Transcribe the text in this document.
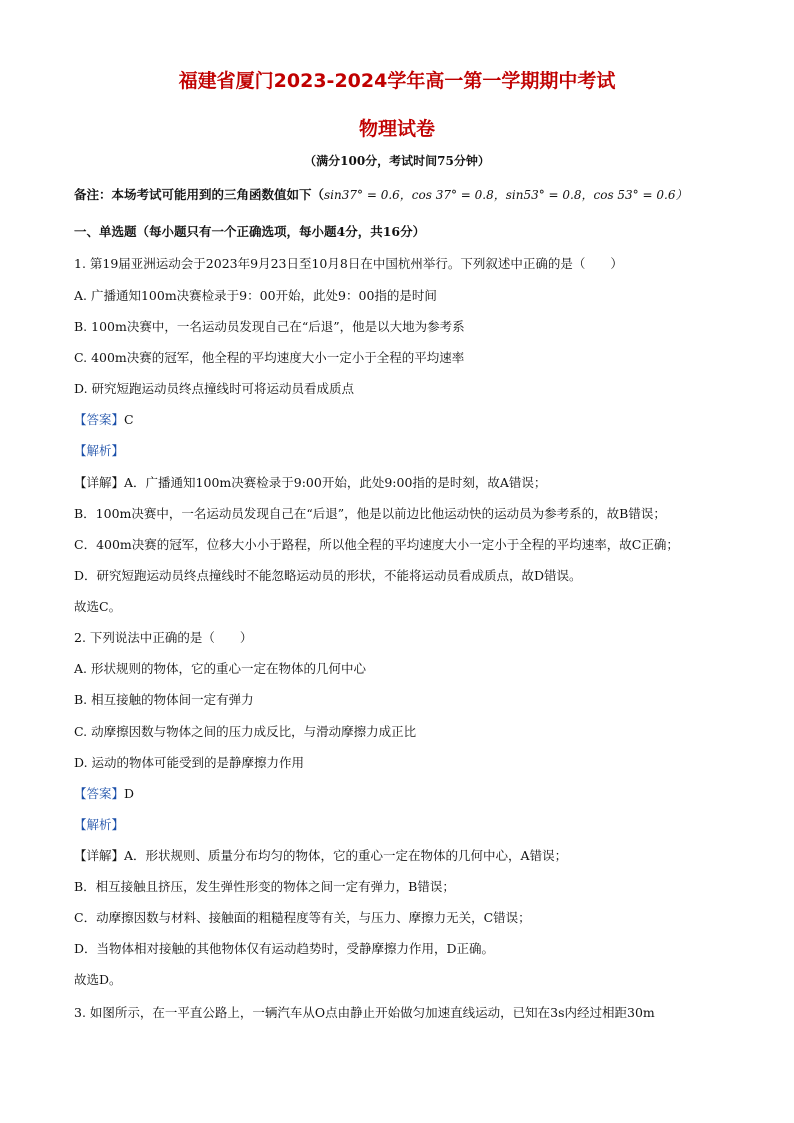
福建省厦门2023-2024学年高一第一学期期中考试
物理试卷
（满分100分，考试时间75分钟）
备注：本场考试可能用到的三角函数值如下（sin37° = 0.6，cos 37° = 0.8，sin53° = 0.8，cos 53° = 0.6）
一、单选题（每小题只有一个正确选项，每小题4分，共16分）
1. 第19届亚洲运动会于2023年9月23日至10月8日在中国杭州举行。下列叙述中正确的是（　　）
A. 广播通知100m决赛检录于9：00开始，此处9：00指的是时间
B. 100m决赛中，一名运动员发现自己在“后退”，他是以大地为参考系
C. 400m决赛的冠军，他全程的平均速度大小一定小于全程的平均速率
D. 研究短跑运动员终点撞线时可将运动员看成质点
【答案】C
【解析】
【详解】A．广播通知100m决赛检录于9:00开始，此处9:00指的是时刻，故A错误；
B．100m决赛中，一名运动员发现自己在“后退”，他是以前边比他运动快的运动员为参考系的，故B错误；
C．400m决赛的冠军，位移大小小于路程，所以他全程的平均速度大小一定小于全程的平均速率，故C正确；
D．研究短跑运动员终点撞线时不能忽略运动员的形状，不能将运动员看成质点，故D错误。
故选C。
2. 下列说法中正确的是（　　）
A. 形状规则的物体，它的重心一定在物体的几何中心
B. 相互接触的物体间一定有弹力
C. 动摩擦因数与物体之间的压力成反比，与滑动摩擦力成正比
D. 运动的物体可能受到的是静摩擦力作用
【答案】D
【解析】
【详解】A．形状规则、质量分布均匀的物体，它的重心一定在物体的几何中心，A错误；
B．相互接触且挤压，发生弹性形变的物体之间一定有弹力，B错误；
C．动摩擦因数与材料、接触面的粗糙程度等有关，与压力、摩擦力无关，C错误；
D．当物体相对接触的其他物体仅有运动趋势时，受静摩擦力作用，D正确。
故选D。
3. 如图所示，在一平直公路上，一辆汽车从O点由静止开始做匀加速直线运动，已知在3s内经过相距30m
